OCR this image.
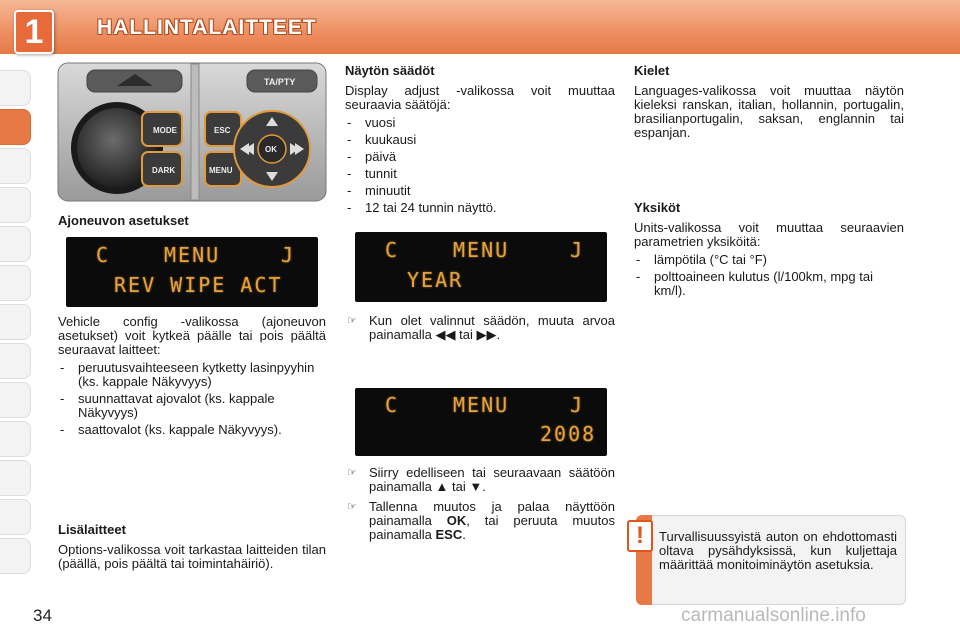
1	HALLINTALAITTEET
TA/PTY
MODE
DARK
ESC
MENU
OK
Ajoneuvon asetukset
C	MENU	J
REV WIPE ACT

Vehicle config -valikossa (ajoneuvon asetukset) voit kytkeä päälle tai pois päältä seuraavat laitteet:

- peruutusvaihteeseen kytketty lasinpyyhin (ks. kappale Näkyvyys)
- suunnattavat ajovalot (ks. kappale Näkyvyys)
- saattovalot (ks. kappale Näkyvyys).
Lisälaitteet

Options-valikossa voit tarkastaa laitteiden tilan (päällä, pois päältä tai toimintahäiriö).

Näytön säädöt

Display adjust -valikossa voit muuttaa seuraavia säätöjä:

- vuosi
- kuukausi
- päivä
- tunnit
- minuutit
- 12 tai 24 tunnin näyttö.
C	MENU	J
YEAR
☞ Kun olet valinnut säädön, muuta arvoa painamalla ◀◀ tai ▶▶.
C	MENU	J
2008
☞ Siirry edelliseen tai seuraavaan säätöön painamalla ▲ tai ▼.
☞ Tallenna muutos ja palaa näyttöön painamalla OK, tai peruuta muutos painamalla ESC.
Kielet

Languages-valikossa voit muuttaa näytön kieleksi ranskan, italian, hollannin, portugalin, brasilianportugalin, saksan, englannin tai espanjan.

Yksiköt

Units-valikossa voit muuttaa seuraavien parametrien yksiköitä:

- lämpötila (°C tai °F)
- polttoaineen kulutus (l/100km, mpg tai km/l).
!	Turvallisuussyistä auton on ehdottomasti oltava pysähdyksissä, kun kuljettaja määrittää monitoiminäytön asetuksia.
34	carmanualsonline.info
